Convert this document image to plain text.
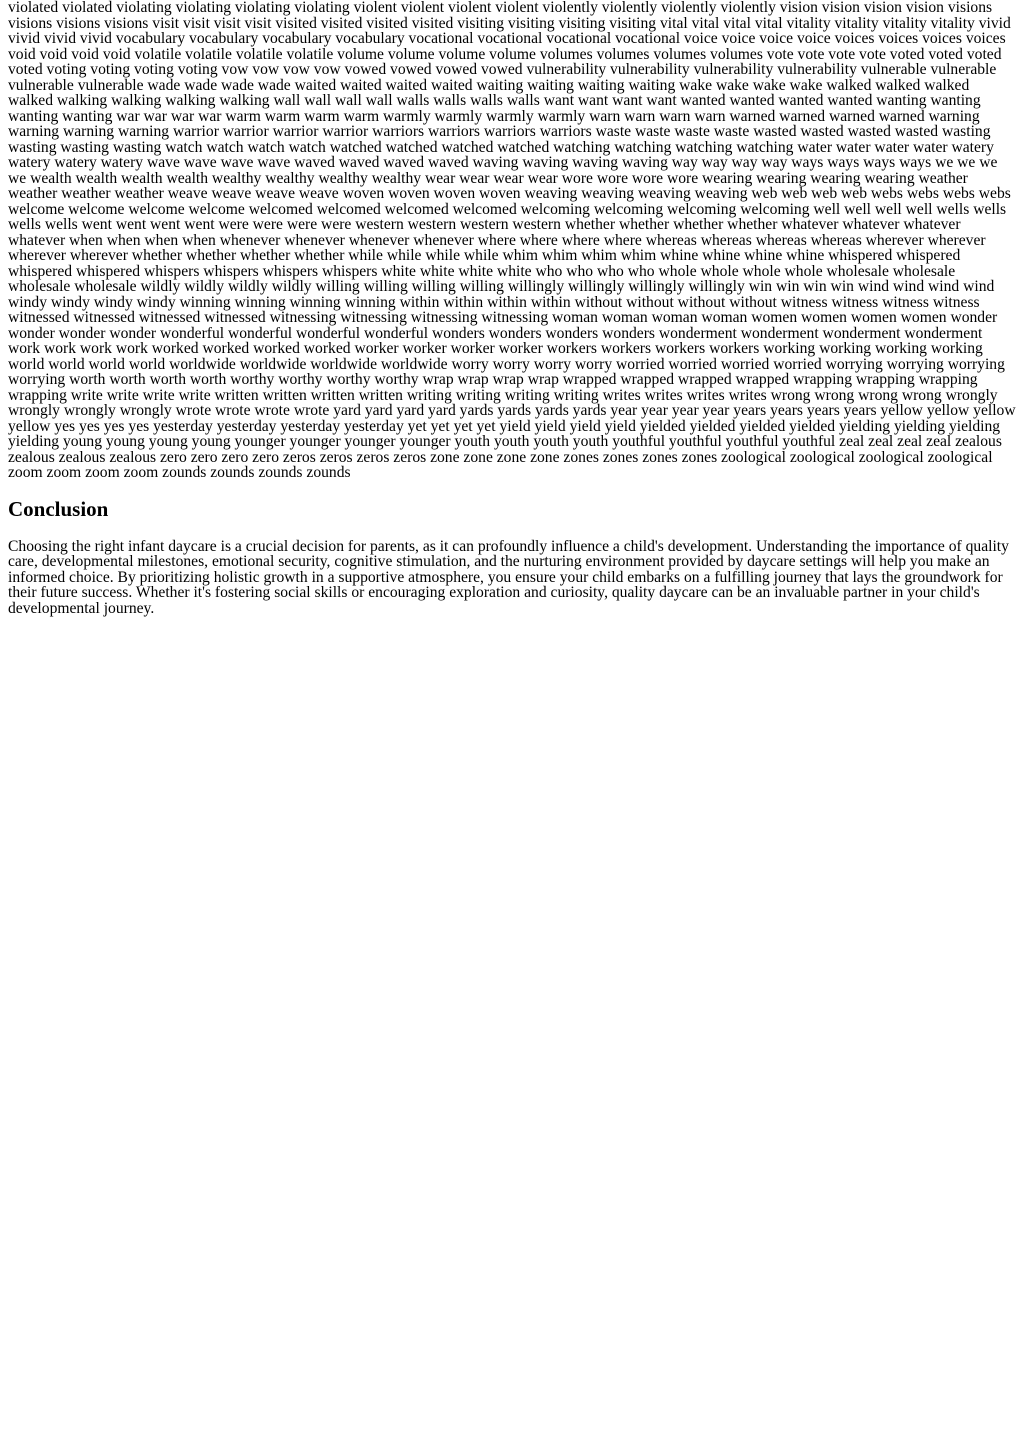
violated violated violating violating violating violating violent violent violent violent violently violently violently violently vision vision vision vision visions visions visions visions visit visit visit visit visited visited visited visited visiting visiting visiting visiting vital vital vital vital vitality vitality vitality vitality vivid vivid vivid vivid vocabulary vocabulary vocabulary vocabulary vocational vocational vocational vocational voice voice voice voice voices voices voices voices void void void void volatile volatile volatile volatile volume volume volume volume volumes volumes volumes volumes vote vote vote vote voted voted voted voted voting voting voting voting vow vow vow vow vowed vowed vowed vowed vulnerability vulnerability vulnerability vulnerability vulnerable vulnerable vulnerable vulnerable wade wade wade wade waited waited waited waited waiting waiting waiting waiting wake wake wake wake walked walked walked walked walking walking walking walking wall wall wall wall walls walls walls walls want want want want wanted wanted wanted wanted wanting wanting wanting wanting war war war war warm warm warm warm warmly warmly warmly warmly warn warn warn warn warned warned warned warned warning warning warning warning warrior warrior warrior warrior warriors warriors warriors warriors waste waste waste waste wasted wasted wasted wasted wasting wasting wasting wasting watch watch watch watch watched watched watched watched watching watching watching watching water water water water watery watery watery watery wave wave wave wave waved waved waved waved waving waving waving waving way way way way ways ways ways ways we we we we wealth wealth wealth wealth wealthy wealthy wealthy wealthy wear wear wear wear wore wore wore wore wearing wearing wearing wearing weather weather weather weather weave weave weave weave woven woven woven woven weaving weaving weaving weaving web web web web webs webs webs webs welcome welcome welcome welcome welcomed welcomed welcomed welcomed welcoming welcoming welcoming welcoming well well well well wells wells wells wells went went went went were were were were western western western western whether whether whether whether whatever whatever whatever whatever when when when when whenever whenever whenever whenever where where where where whereas whereas whereas whereas wherever wherever wherever wherever whether whether whether whether while while while while whim whim whim whim whine whine whine whine whispered whispered whispered whispered whispers whispers whispers whispers white white white white who who who who whole whole whole whole wholesale wholesale wholesale wholesale wildly wildly wildly wildly willing willing willing willing willingly willingly willingly willingly win win win win wind wind wind wind windy windy windy windy winning winning winning winning within within within within without without without without witness witness witness witness witnessed witnessed witnessed witnessed witnessing witnessing witnessing witnessing woman woman woman woman women women women women wonder wonder wonder wonder wonderful wonderful wonderful wonderful wonders wonders wonders wonders wonderment wonderment wonderment wonderment work work work work worked worked worked worked worker worker worker worker workers workers workers workers working working working working world world world world worldwide worldwide worldwide worldwide worry worry worry worry worried worried worried worried worrying worrying worrying worrying worth worth worth worth worthy worthy worthy worthy wrap wrap wrap wrap wrapped wrapped wrapped wrapped wrapping wrapping wrapping wrapping write write write write written written written written writing writing writing writing writes writes writes writes wrong wrong wrong wrong wrongly wrongly wrongly wrongly wrote wrote wrote wrote yard yard yard yard yards yards yards yards year year year year years years years years yellow yellow yellow yellow yes yes yes yes yesterday yesterday yesterday yesterday yet yet yet yet yield yield yield yield yielded yielded yielded yielded yielding yielding yielding yielding young young young young younger younger younger younger youth youth youth youth youthful youthful youthful youthful zeal zeal zeal zeal zealous zealous zealous zealous zero zero zero zero zeros zeros zeros zeros zone zone zone zone zones zones zones zones zoological zoological zoological zoological zoom zoom zoom zoom zounds zounds zounds zounds

Conclusion

Choosing the right infant daycare is a crucial decision for parents, as it can profoundly influence a child's development. Understanding the importance of quality care, developmental milestones, emotional security, cognitive stimulation, and the nurturing environment provided by daycare settings will help you make an informed choice. By prioritizing holistic growth in a supportive atmosphere, you ensure your child embarks on a fulfilling journey that lays the groundwork for their future success. Whether it's fostering social skills or encouraging exploration and curiosity, quality daycare can be an invaluable partner in your child's developmental journey.
